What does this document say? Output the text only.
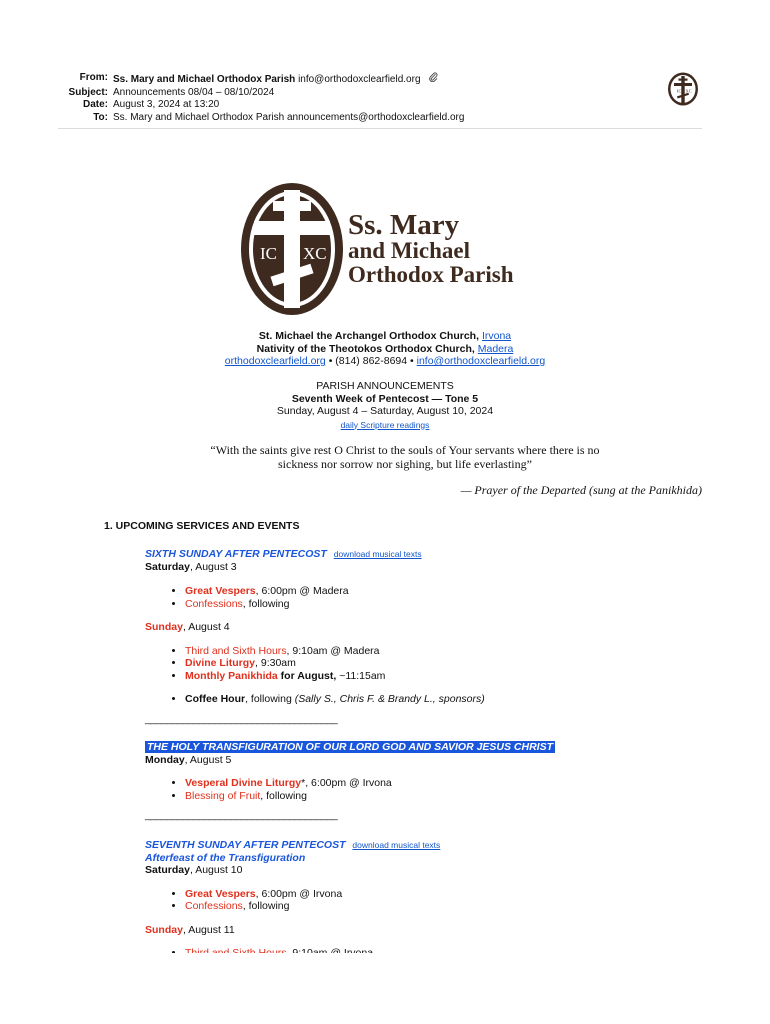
From: Ss. Mary and Michael Orthodox Parish info@orthodoxclearfield.org
Subject: Announcements 08/04 – 08/10/2024
Date: August 3, 2024 at 13:20
To: Ss. Mary and Michael Orthodox Parish announcements@orthodoxclearfield.org
IC XC
IC XC
Ss. Mary
and Michael
Orthodox Parish
St. Michael the Archangel Orthodox Church, Irvona
Nativity of the Theotokos Orthodox Church, Madera
orthodoxclearfield.org • (814) 862-8694 • info@orthodoxclearfield.org
PARISH ANNOUNCEMENTS
Seventh Week of Pentecost — Tone 5
Sunday, August 4 – Saturday, August 10, 2024
daily Scripture readings
“With the saints give rest O Christ to the souls of Your servants where there is no sickness nor sorrow nor sighing, but life everlasting”
— Prayer of the Departed (sung at the Panikhida)
1. UPCOMING SERVICES AND EVENTS
SIXTH SUNDAY AFTER PENTECOST download musical texts
Saturday, August 3
• Great Vespers, 6:00pm @ Madera
• Confessions, following
Sunday, August 4
• Third and Sixth Hours, 9:10am @ Madera
• Divine Liturgy, 9:30am
• Monthly Panikhida for August, ~11:15am
• Coffee Hour, following (Sally S., Chris F. & Brandy L., sponsors)
____________________________________
THE HOLY TRANSFIGURATION OF OUR LORD GOD AND SAVIOR JESUS CHRIST
Monday, August 5
• Vesperal Divine Liturgy*, 6:00pm @ Irvona
• Blessing of Fruit, following
____________________________________
SEVENTH SUNDAY AFTER PENTECOST download musical texts
Afterfeast of the Transfiguration
Saturday, August 10
• Great Vespers, 6:00pm @ Irvona
• Confessions, following
Sunday, August 11
•
